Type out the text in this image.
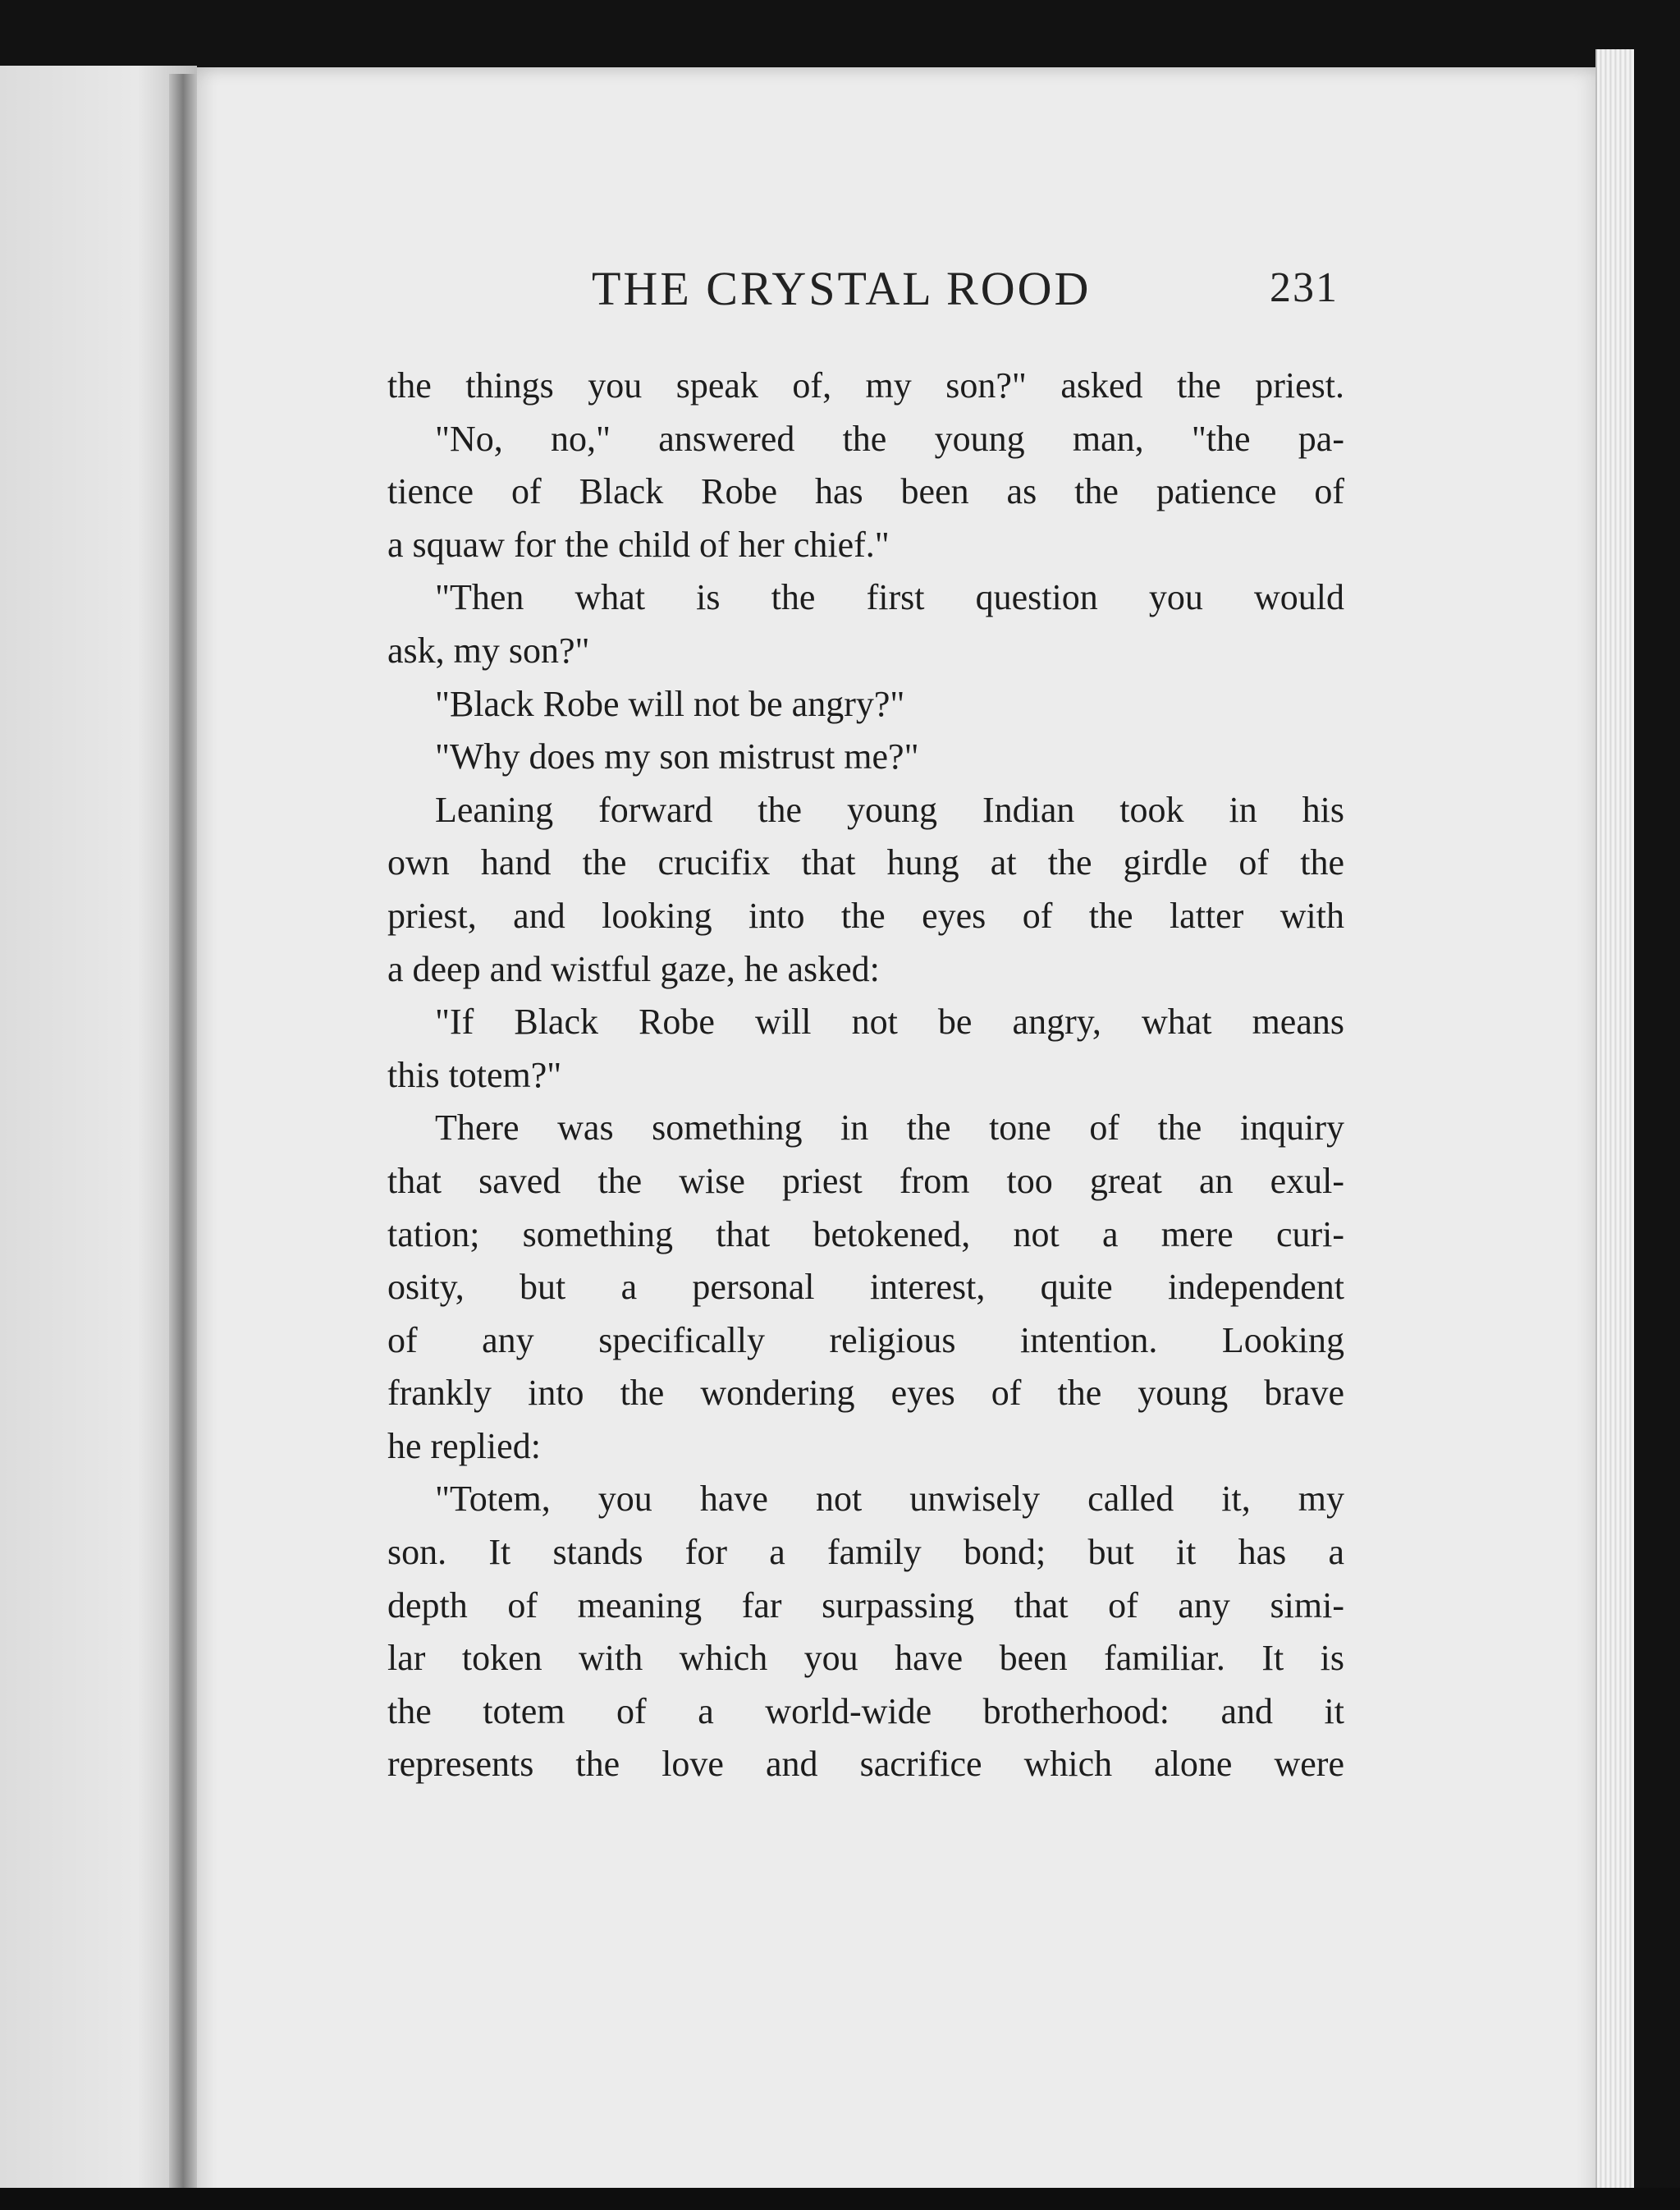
THE CRYSTAL ROOD	231
the things you speak of, my son?" asked the priest.
"No, no," answered the young man, "the pa-
tience of Black Robe has been as the patience of
a squaw for the child of her chief."
"Then what is the first question you would
ask, my son?"
"Black Robe will not be angry?"
"Why does my son mistrust me?"
Leaning forward the young Indian took in his
own hand the crucifix that hung at the girdle of the
priest, and looking into the eyes of the latter with
a deep and wistful gaze, he asked:
"If Black Robe will not be angry, what means
this totem?"
There was something in the tone of the inquiry
that saved the wise priest from too great an exul-
tation; something that betokened, not a mere curi-
osity, but a personal interest, quite independent
of any specifically religious intention. Looking
frankly into the wondering eyes of the young brave
he replied:
"Totem, you have not unwisely called it, my
son. It stands for a family bond; but it has a
depth of meaning far surpassing that of any simi-
lar token with which you have been familiar. It is
the totem of a world-wide brotherhood: and it
represents the love and sacrifice which alone were
